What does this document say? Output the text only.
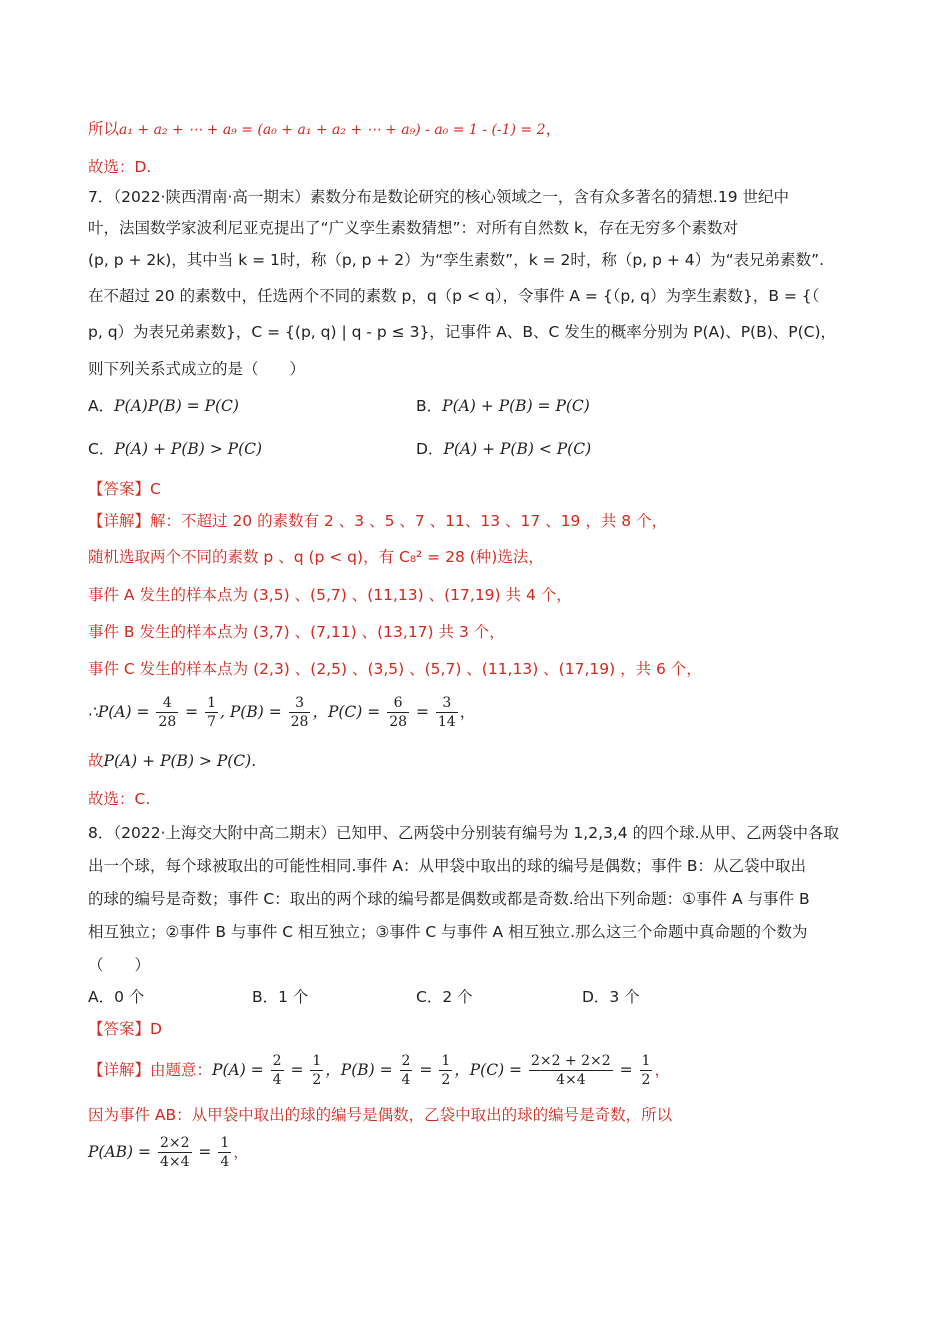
所以a₁ + a₂ + ⋯ + a₉ = (a₀ + a₁ + a₂ + ⋯ + a₉) - a₀ = 1 - (-1) = 2，
故选：D.
7．（2022·陕西渭南·高一期末）素数分布是数论研究的核心领域之一，含有众多著名的猜想.19 世纪中
叶，法国数学家波利尼亚克提出了“广义孪生素数猜想”：对所有自然数 k，存在无穷多个素数对
(p, p + 2k)，其中当 k = 1时，称（p, p + 2）为“孪生素数”，k = 2时，称（p, p + 4）为“表兄弟素数”.
在不超过 20 的素数中，任选两个不同的素数 p，q（p < q），令事件 A = {（p, q）为孪生素数}，B = {（
p, q）为表兄弟素数}，C = {(p, q) | q - p ≤ 3}，记事件 A、B、C 发生的概率分别为 P(A)、P(B)、P(C)，
则下列关系式成立的是（　　）
A．P(A)P(B) = P(C)	B．P(A) + P(B) = P(C)
C．P(A) + P(B) > P(C)	D．P(A) + P(B) < P(C)
【答案】C
【详解】解：不超过 20 的素数有 2 、3 、5 、7 、11、13 、17 、19 ，共 8 个，
随机选取两个不同的素数 p 、q (p < q)，有 C₈² = 28 (种)选法，
事件 A 发生的样本点为 (3,5) 、(5,7) 、(11,13) 、(17,19) 共 4 个，
事件 B 发生的样本点为 (3,7) 、(7,11) 、(13,17) 共 3 个，
事件 C 发生的样本点为 (2,3) 、(2,5) 、(3,5) 、(5,7) 、(11,13) 、(17,19) ，共 6 个，
∴P(A) = $\frac{4}{28} = \frac{1}{7}$ , $P(B) = \frac{3}{28}$ ，$P(C) = \frac{6}{28} = \frac{3}{14}$ ，
故P(A) + P(B) > P(C).
故选：C.
8．（2022·上海交大附中高二期末）已知甲、乙两袋中分别装有编号为 1,2,3,4 的四个球.从甲、乙两袋中各取
出一个球，每个球被取出的可能性相同.事件 A：从甲袋中取出的球的编号是偶数；事件 B：从乙袋中取出
的球的编号是奇数；事件 C：取出的两个球的编号都是偶数或都是奇数.给出下列命题：①事件 A 与事件 B
相互独立；②事件 B 与事件 C 相互独立；③事件 C 与事件 A 相互独立.那么这三个命题中真命题的个数为
（　　）
A．0 个	B．1 个	C．2 个	D．3 个
【答案】D
【详解】由题意：$P(A) = \frac{2}{4} = \frac{1}{2}$ ，$P(B) = \frac{2}{4} = \frac{1}{2}$ ，$P(C) = \frac{2\times 2 + 2\times 2}{4\times 4} = \frac{1}{2}$ ，
因为事件 AB：从甲袋中取出的球的编号是偶数，乙袋中取出的球的编号是奇数，所以
$P(AB) = \frac{2\times 2}{4\times 4} = \frac{1}{4}$ ，
